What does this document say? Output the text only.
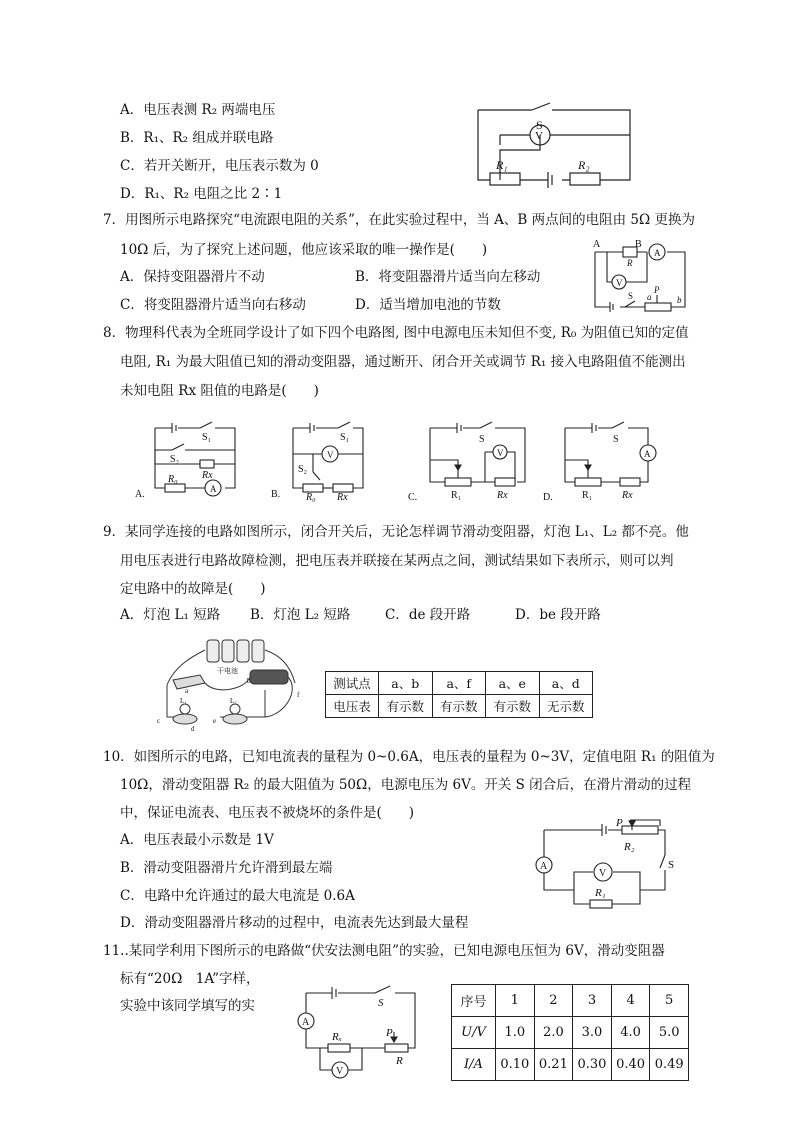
A．电压表测 R₂ 两端电压
B．R₁、R₂ 组成并联电路
C．若开关断开，电压表示数为 0
D．R₁、R₂ 电阻之比 2∶1
S
V
R₁	R₂
7．用图所示电路探究“电流跟电阻的关系”，在此实验过程中，当 A、B 两点间的电阻由 5Ω 更换为
10Ω 后，为了探究上述问题，他应该采取的唯一操作是(　　)
A．保持变阻器滑片不动	B．将变阻器滑片适当向左移动
C．将变阻器滑片适当向右移动	D．适当增加电池的节数
A	B
R
A
V
S
P
a	b
8．物理科代表为全班同学设计了如下四个电路图, 图中电源电压未知但不变, R₀ 为阻值已知的定值
电阻, R₁ 为最大阻值已知的滑动变阻器，通过断开、闭合开关或调节 R₁ 接入电路阻值不能测出
未知电阻 Rx 阻值的电路是(　　)
S₁
S₂
Rx
R₀
A
A.
S₁
S₂
V
R₀ Rx
B.
S
V
R₁	Rx
C.
S
A
R₁	Rx
D.
9．某同学连接的电路如图所示，闭合开关后，无论怎样调节滑动变阻器，灯泡 L₁、L₂ 都不亮。他
用电压表进行电路故障检测，把电压表并联接在某两点之间，测试结果如下表所示，则可以判
定电路中的故障是(　　)
A．灯泡 L₁ 短路 B．灯泡 L₂ 短路	C．de 段开路	D．be 段开路
干电池
a
b
c
d
e
f
L₁	L₂
测试点	a、b	a、f	a、e	a、d
电压表	有示数	有示数	有示数	无示数
10．如图所示的电路，已知电流表的量程为 0~0.6A，电压表的量程为 0~3V，定值电阻 R₁ 的阻值为
10Ω，滑动变阻器 R₂ 的最大阻值为 50Ω，电源电压为 6V。开关 S 闭合后，在滑片滑动的过程
中，保证电流表、电压表不被烧坏的条件是(　　)
A．电压表最小示数是 1V
B．滑动变阻器滑片允许滑到最左端
C．电路中允许通过的最大电流是 0.6A
D．滑动变阻器滑片移动的过程中，电流表先达到最大量程
P
R₂
A
V
R₁
S
11..某同学利用下图所示的电路做“伏安法测电阻”的实验，已知电源电压恒为 6V，滑动变阻器
标有“20Ω　1A”字样，
实验中该同学填写的实	S
A
Rₓ	P
R
V
序号	1	2	3	4	5
U/V	1.0	2.0	3.0	4.0	5.0
I/A	0.10	0.21	0.30	0.40	0.49
